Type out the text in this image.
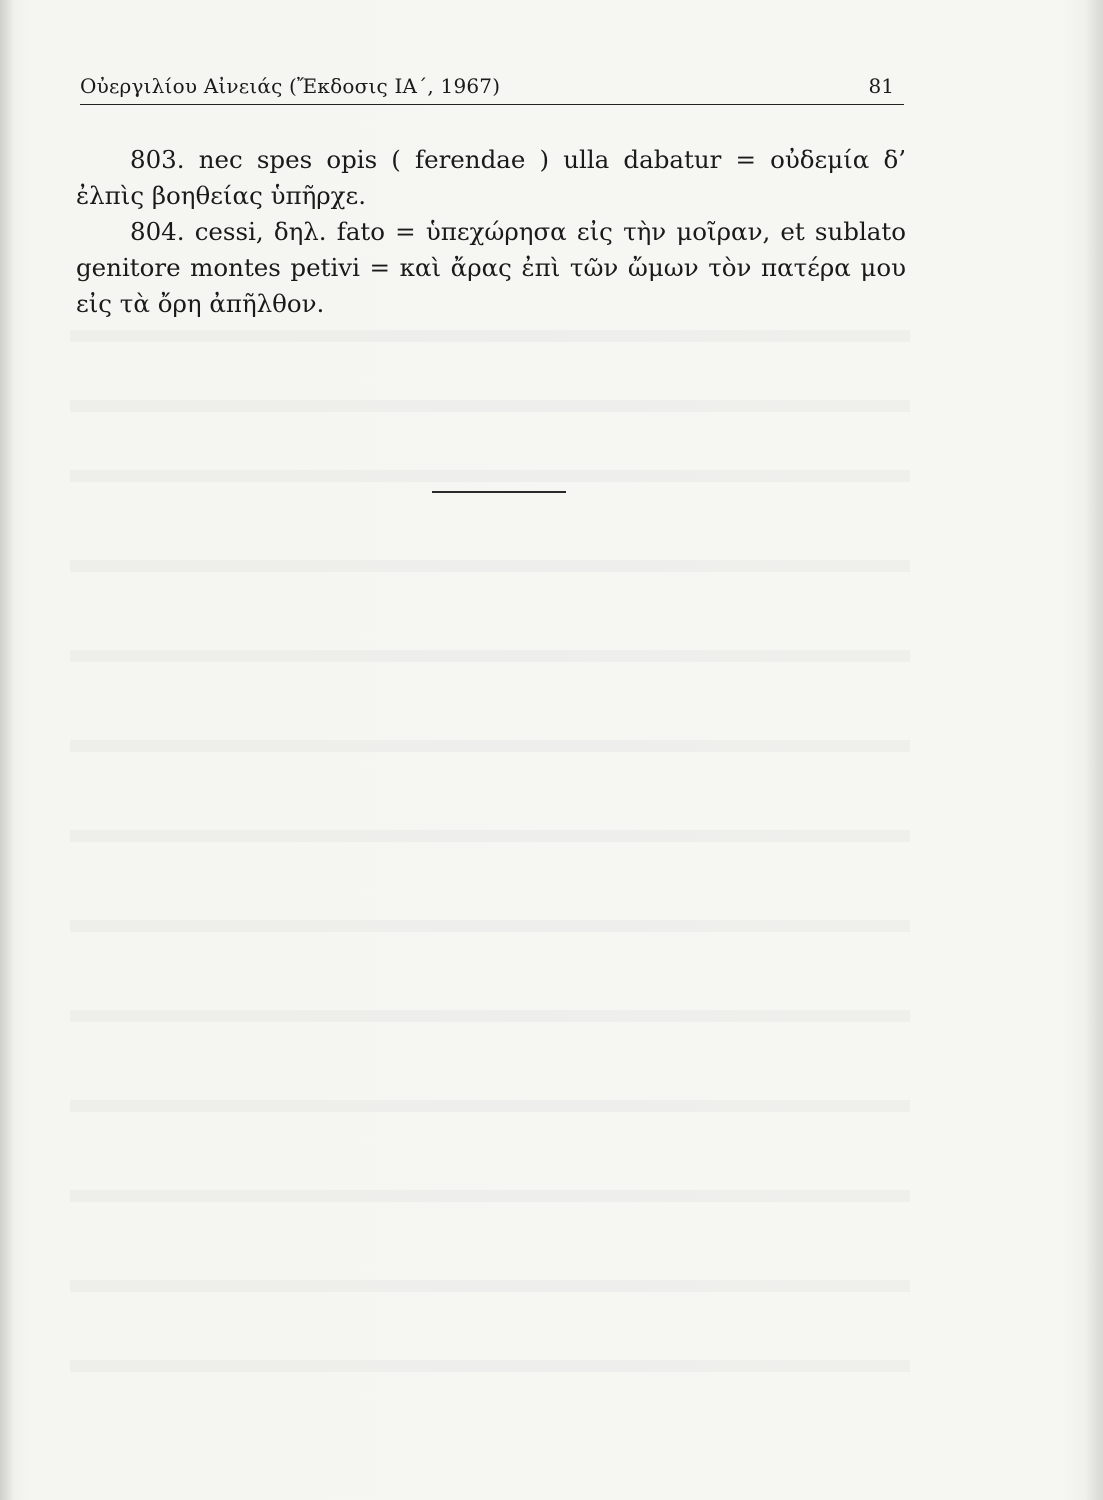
Οὐεργιλίου Αἰνειάς (Ἔκδοσις ΙΑ΄, 1967)	81

803. nec spes opis ( ferendae ) ulla dabatur = οὐδεμία δ’ ἐλπὶς βοηθείας ὑπῆρχε.

804. cessi, δηλ. fato = ὑπεχώρησα εἰς τὴν μοῖραν, et sublato genitore montes petivi = καὶ ἄρας ἐπὶ τῶν ὤμων τὸν πατέρα μου εἰς τὰ ὄρη ἀπῆλθον.
